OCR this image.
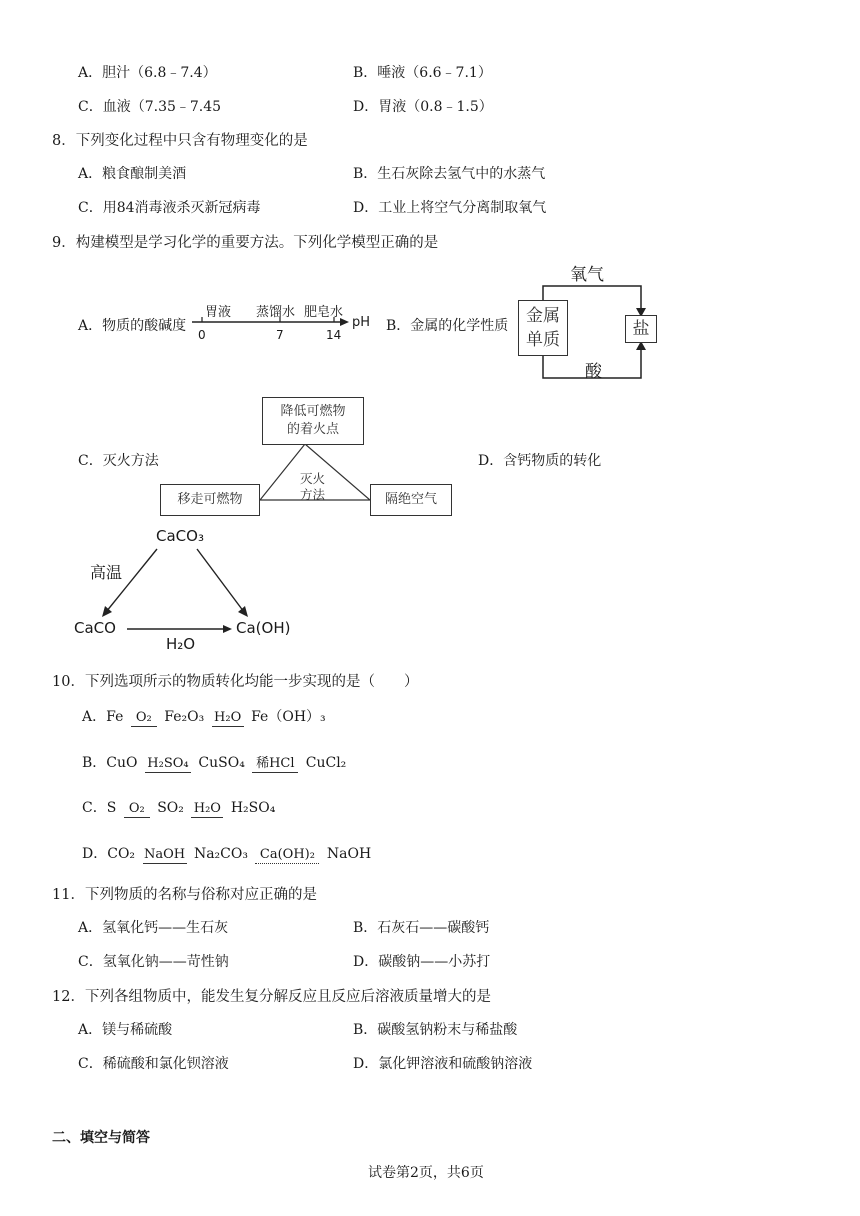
A．胆汁（6.8﹣7.4）	B．唾液（6.6﹣7.1）
C．血液（7.35﹣7.45	D．胃液（0.8﹣1.5）
8．下列变化过程中只含有物理变化的是
A．粮食酿制美酒	B．生石灰除去氢气中的水蒸气
C．用84消毒液杀灭新冠病毒	D．工业上将空气分离制取氧气
9．构建模型是学习化学的重要方法。下列化学模型正确的是
A．物质的酸碱度
胃液 蒸馏水 肥皂水
0	7	14
pH B．金属的化学性质 金属
单质
盐
氧气
酸
C．灭火方法
降低可燃物
的着火点
移走可燃物	隔绝空气
灭火
方法
D．含钙物质的转化
CaCO₃
CaCO	Ca(OH)
高温
H₂O
10．下列选项所示的物质转化均能一步实现的是（　　）
A．Fe O₂ Fe₂O₃ H₂O Fe（OH）₃
B．CuO H₂SO₄ CuSO₄ 稀HCl CuCl₂
C．S O₂ SO₂ H₂O H₂SO₄
D．CO₂ NaOH Na₂CO₃ Ca(OH)₂ NaOH
11．下列物质的名称与俗称对应正确的是
A．氢氧化钙——生石灰	B．石灰石——碳酸钙
C．氢氧化钠——苛性钠	D．碳酸钠——小苏打
12．下列各组物质中，能发生复分解反应且反应后溶液质量增大的是
A．镁与稀硫酸	B．碳酸氢钠粉末与稀盐酸
C．稀硫酸和氯化钡溶液	D．氯化钾溶液和硫酸钠溶液
二、填空与简答
试卷第2页，共6页
